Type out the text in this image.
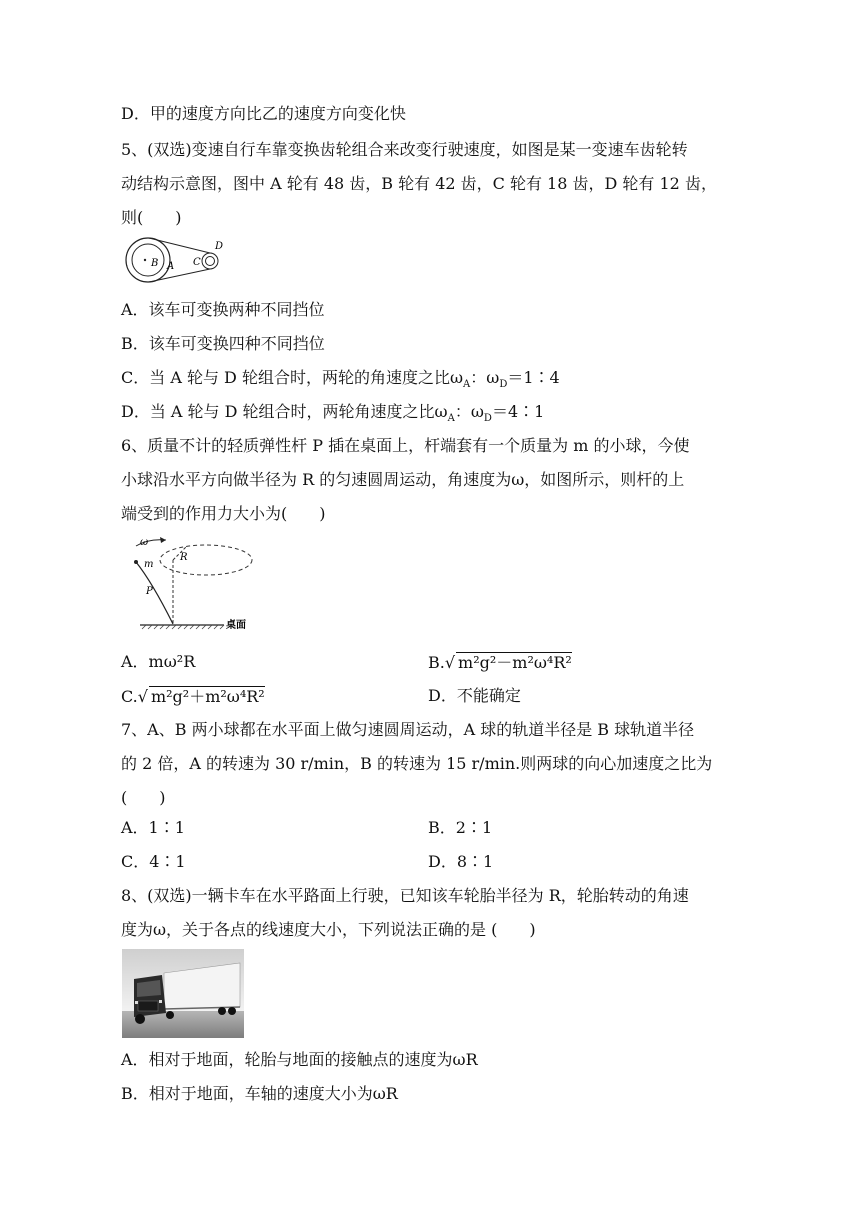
D．甲的速度方向比乙的速度方向变化快
5、(双选)变速自行车靠变换齿轮组合来改变行驶速度，如图是某一变速车齿轮转
动结构示意图，图中 A 轮有 48 齿，B 轮有 42 齿，C 轮有 18 齿，D 轮有 12 齿，
则(　　)
B A C
D
A．该车可变换两种不同挡位
B．该车可变换四种不同挡位
C．当 A 轮与 D 轮组合时，两轮的角速度之比$\omega_A$：$\omega_D=1∶4$
D．当 A 轮与 D 轮组合时，两轮角速度之比$\omega_A$：$\omega_D=4∶1$
6、质量不计的轻质弹性杆 P 插在桌面上，杆端套有一个质量为 m 的小球，今使
小球沿水平方向做半径为 R 的匀速圆周运动，角速度为ω，如图所示，则杆的上
端受到的作用力大小为(　　)
ω
m
R
P
桌面
A．mω²R	B.√ m²g²－m²ω⁴R²
C.√ m²g²＋m²ω⁴R²	D．不能确定
7、A、B 两小球都在水平面上做匀速圆周运动，A 球的轨道半径是 B 球轨道半径
的 2 倍，A 的转速为 30 r/min，B 的转速为 15 r/min.则两球的向心加速度之比为
(　　)
A．1∶1	B．2∶1
C．4∶1	D．8∶1
8、(双选)一辆卡车在水平路面上行驶，已知该车轮胎半径为 R，轮胎转动的角速
度为ω，关于各点的线速度大小，下列说法正确的是 (　　)
A．相对于地面，轮胎与地面的接触点的速度为ωR
B．相对于地面，车轴的速度大小为ωR
